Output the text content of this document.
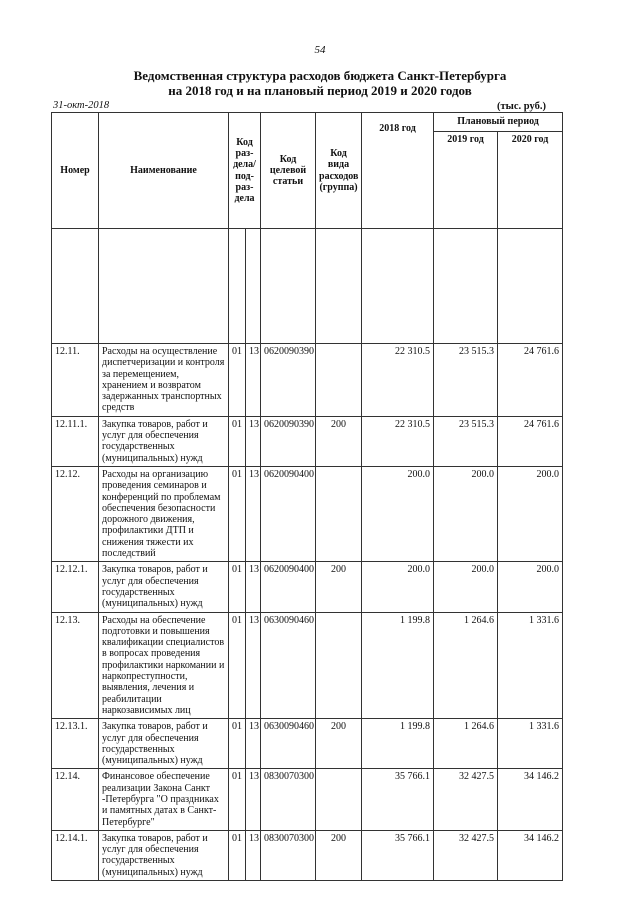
54
Ведомственная структура расходов бюджета Санкт-Петербурга
на 2018 год и на плановый период 2019 и 2020 годов
31-окт-2018	(тыс. руб.)
Номер	Наименование	Код раз-дела/ под-раз-дела		Код целевой статьи	Код вида расходов (группа)	2018 год	Плановый период	
							2019 год	2020 год

12.11.	Расходы на осуществление диспетчеризации и контроля за перемещением, хранением и возвратом задержанных транспортных средств	01	13	0620090390		22 310.5	23 515.3	24 761.6
12.11.1.	Закупка товаров, работ и услуг для обеспечения государственных (муниципальных) нужд	01	13	0620090390	200	22 310.5	23 515.3	24 761.6
12.12.	Расходы на организацию проведения семинаров и конференций по проблемам обеспечения безопасности дорожного движения, профилактики ДТП и снижения тяжести их последствий	01	13	0620090400		200.0	200.0	200.0
12.12.1.	Закупка товаров, работ и услуг для обеспечения государственных (муниципальных) нужд	01	13	0620090400	200	200.0	200.0	200.0
12.13.	Расходы на обеспечение подготовки и повышения квалификации специалистов в вопросах проведения профилактики наркомании и наркопреступности, выявления, лечения и реабилитации наркозависимых лиц	01	13	0630090460		1 199.8	1 264.6	1 331.6
12.13.1.	Закупка товаров, работ и услуг для обеспечения государственных (муниципальных) нужд	01	13	0630090460	200	1 199.8	1 264.6	1 331.6
12.14.	Финансовое обеспечение реализации Закона Санкт -Петербурга "О праздниках и памятных датах в Санкт-Петербурге"	01	13	0830070300		35 766.1	32 427.5	34 146.2
12.14.1.	Закупка товаров, работ и услуг для обеспечения государственных (муниципальных) нужд	01	13	0830070300	200	35 766.1	32 427.5	34 146.2
